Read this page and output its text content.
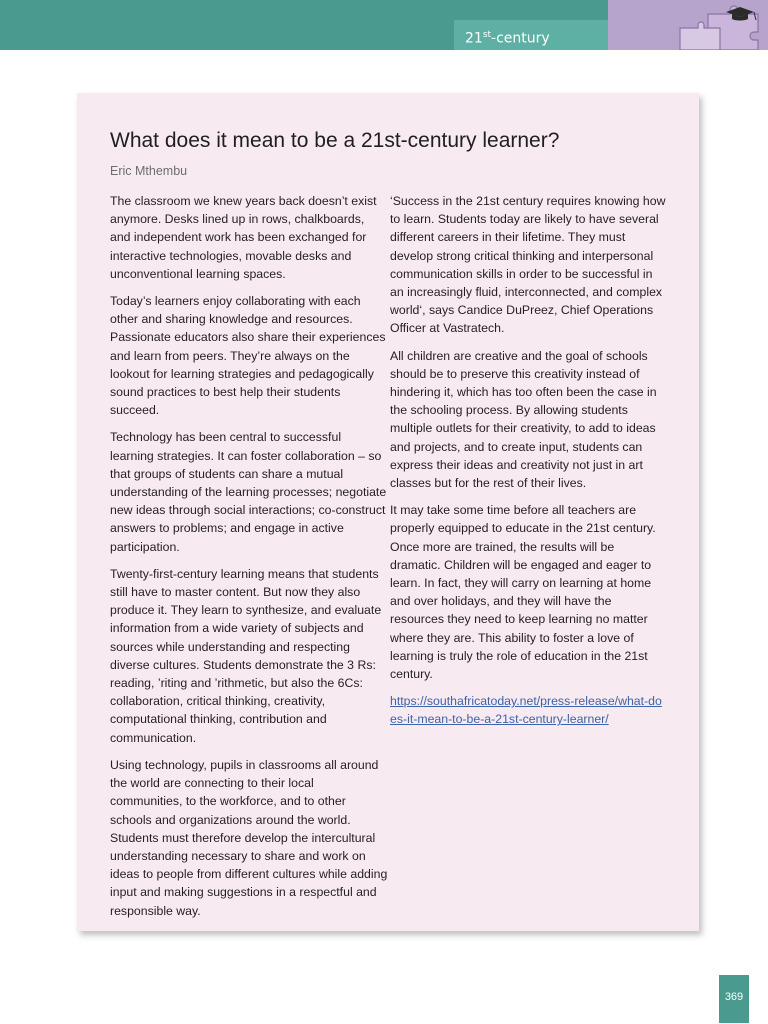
21st-century learning
What does it mean to be a 21st-century learner?
Eric Mthembu

The classroom we knew years back doesn’t exist anymore. Desks lined up in rows, chalkboards, and independent work has been exchanged for interactive technologies, movable desks and unconventional learning spaces.

Today’s learners enjoy collaborating with each other and sharing knowledge and resources. Passionate educators also share their experiences and learn from peers. They’re always on the lookout for learning strategies and pedagogically sound practices to best help their students succeed.

Technology has been central to successful learning strategies. It can foster collaboration – so that groups of students can share a mutual understanding of the learning processes; negotiate new ideas through social interactions; co-construct answers to problems; and engage in active participation.

Twenty-first-century learning means that students still have to master content. But now they also produce it. They learn to synthesize, and evaluate information from a wide variety of subjects and sources while understanding and respecting diverse cultures. Students demonstrate the 3 Rs: reading, ’riting and ’rithmetic, but also the 6Cs: collaboration, critical thinking, creativity, computational thinking, contribution and communication.

Using technology, pupils in classrooms all around the world are connecting to their local communities, to the workforce, and to other schools and organizations around the world. Students must therefore develop the intercultural understanding necessary to share and work on ideas to people from different cultures while adding input and making suggestions in a respectful and responsible way.

‘Success in the 21st century requires knowing how to learn. Students today are likely to have several different careers in their lifetime. They must develop strong critical thinking and interpersonal communication skills in order to be successful in an increasingly fluid, interconnected, and complex world‘, says Candice DuPreez, Chief Operations Officer at Vastratech.

All children are creative and the goal of schools should be to preserve this creativity instead of hindering it, which has too often been the case in the schooling process. By allowing students multiple outlets for their creativity, to add to ideas and projects, and to create input, students can express their ideas and creativity not just in art classes but for the rest of their lives.

It may take some time before all teachers are properly equipped to educate in the 21st century. Once more are trained, the results will be dramatic. Children will be engaged and eager to learn. In fact, they will carry on learning at home and over holidays, and they will have the resources they need to keep learning no matter where they are. This ability to foster a love of learning is truly the role of education in the 21st century.

https://southafricatoday.net/press-release/what-does-it-mean-to-be-a-21st-century-learner/

369
